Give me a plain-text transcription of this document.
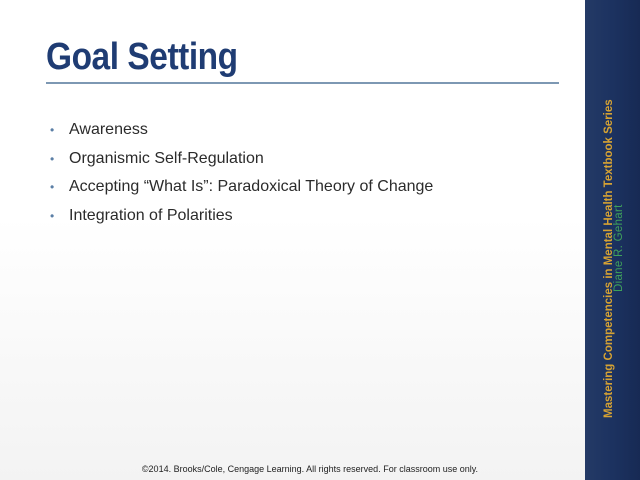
Goal Setting
• Awareness
• Organismic Self-Regulation
• Accepting “What Is”: Paradoxical Theory of Change
• Integration of Polarities	Mastering Competencies in Mental Health Textbook Series
Diane R. Gehart
©2014. Brooks/Cole, Cengage Learning. All rights reserved. For classroom use only.
